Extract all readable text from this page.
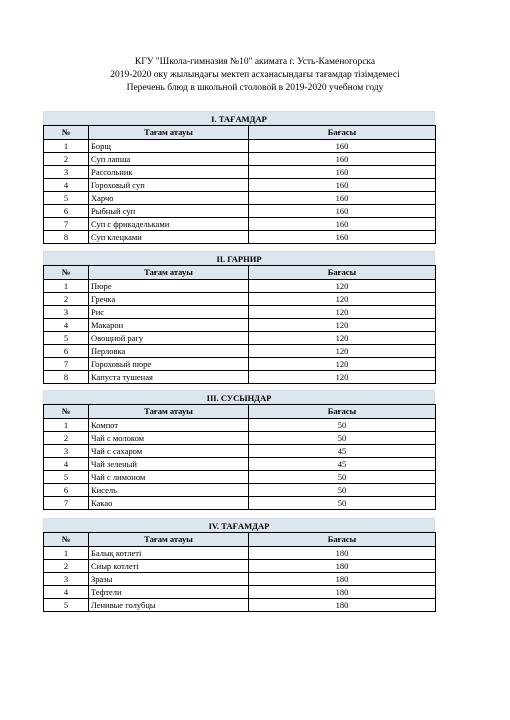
КГУ "Школа-гимназия №10" акимата г. Усть-Каменогорска
2019-2020 оку жылындағы мектеп асханасындағы тағамдар тізімдемесі
Перечень блюд в школьной столовой в 2019-2020 учебном году
I. ТАҒАМДАР
№	Тағам атауы	Бағасы
1	Борщ	160
2	Суп лапша	160
3	Рассольник	160
4	Гороховый суп	160
5	Харчо	160
6	Рыбный суп	160
7	Суп с фрикадельками	160
8	Суп клецками	160
II. ГАРНИР
№	Тағам атауы	Бағасы
1	Пюре	120
2	Гречка	120
3	Рис	120
4	Макарон	120
5	Овощной рагу	120
6	Перловка	120
7	Гороховый пюре	120
8	Капуста тушеная	120
III. СУСЫНДАР
№	Тағам атауы	Бағасы
1	Компот	50
2	Чай с молоком	50
3	Чай с сахаром	45
4	Чай зеленый	45
5	Чай с лимоном	50
6	Кисель	50
7	Какао	50
IV. ТАҒАМДАР
№	Тағам атауы	Бағасы
1	Балық котлеті	180
2	Сиыр котлеті	180
3	Зразы	180
4	Тефтели	180
5	Ленивые голубцы	180
